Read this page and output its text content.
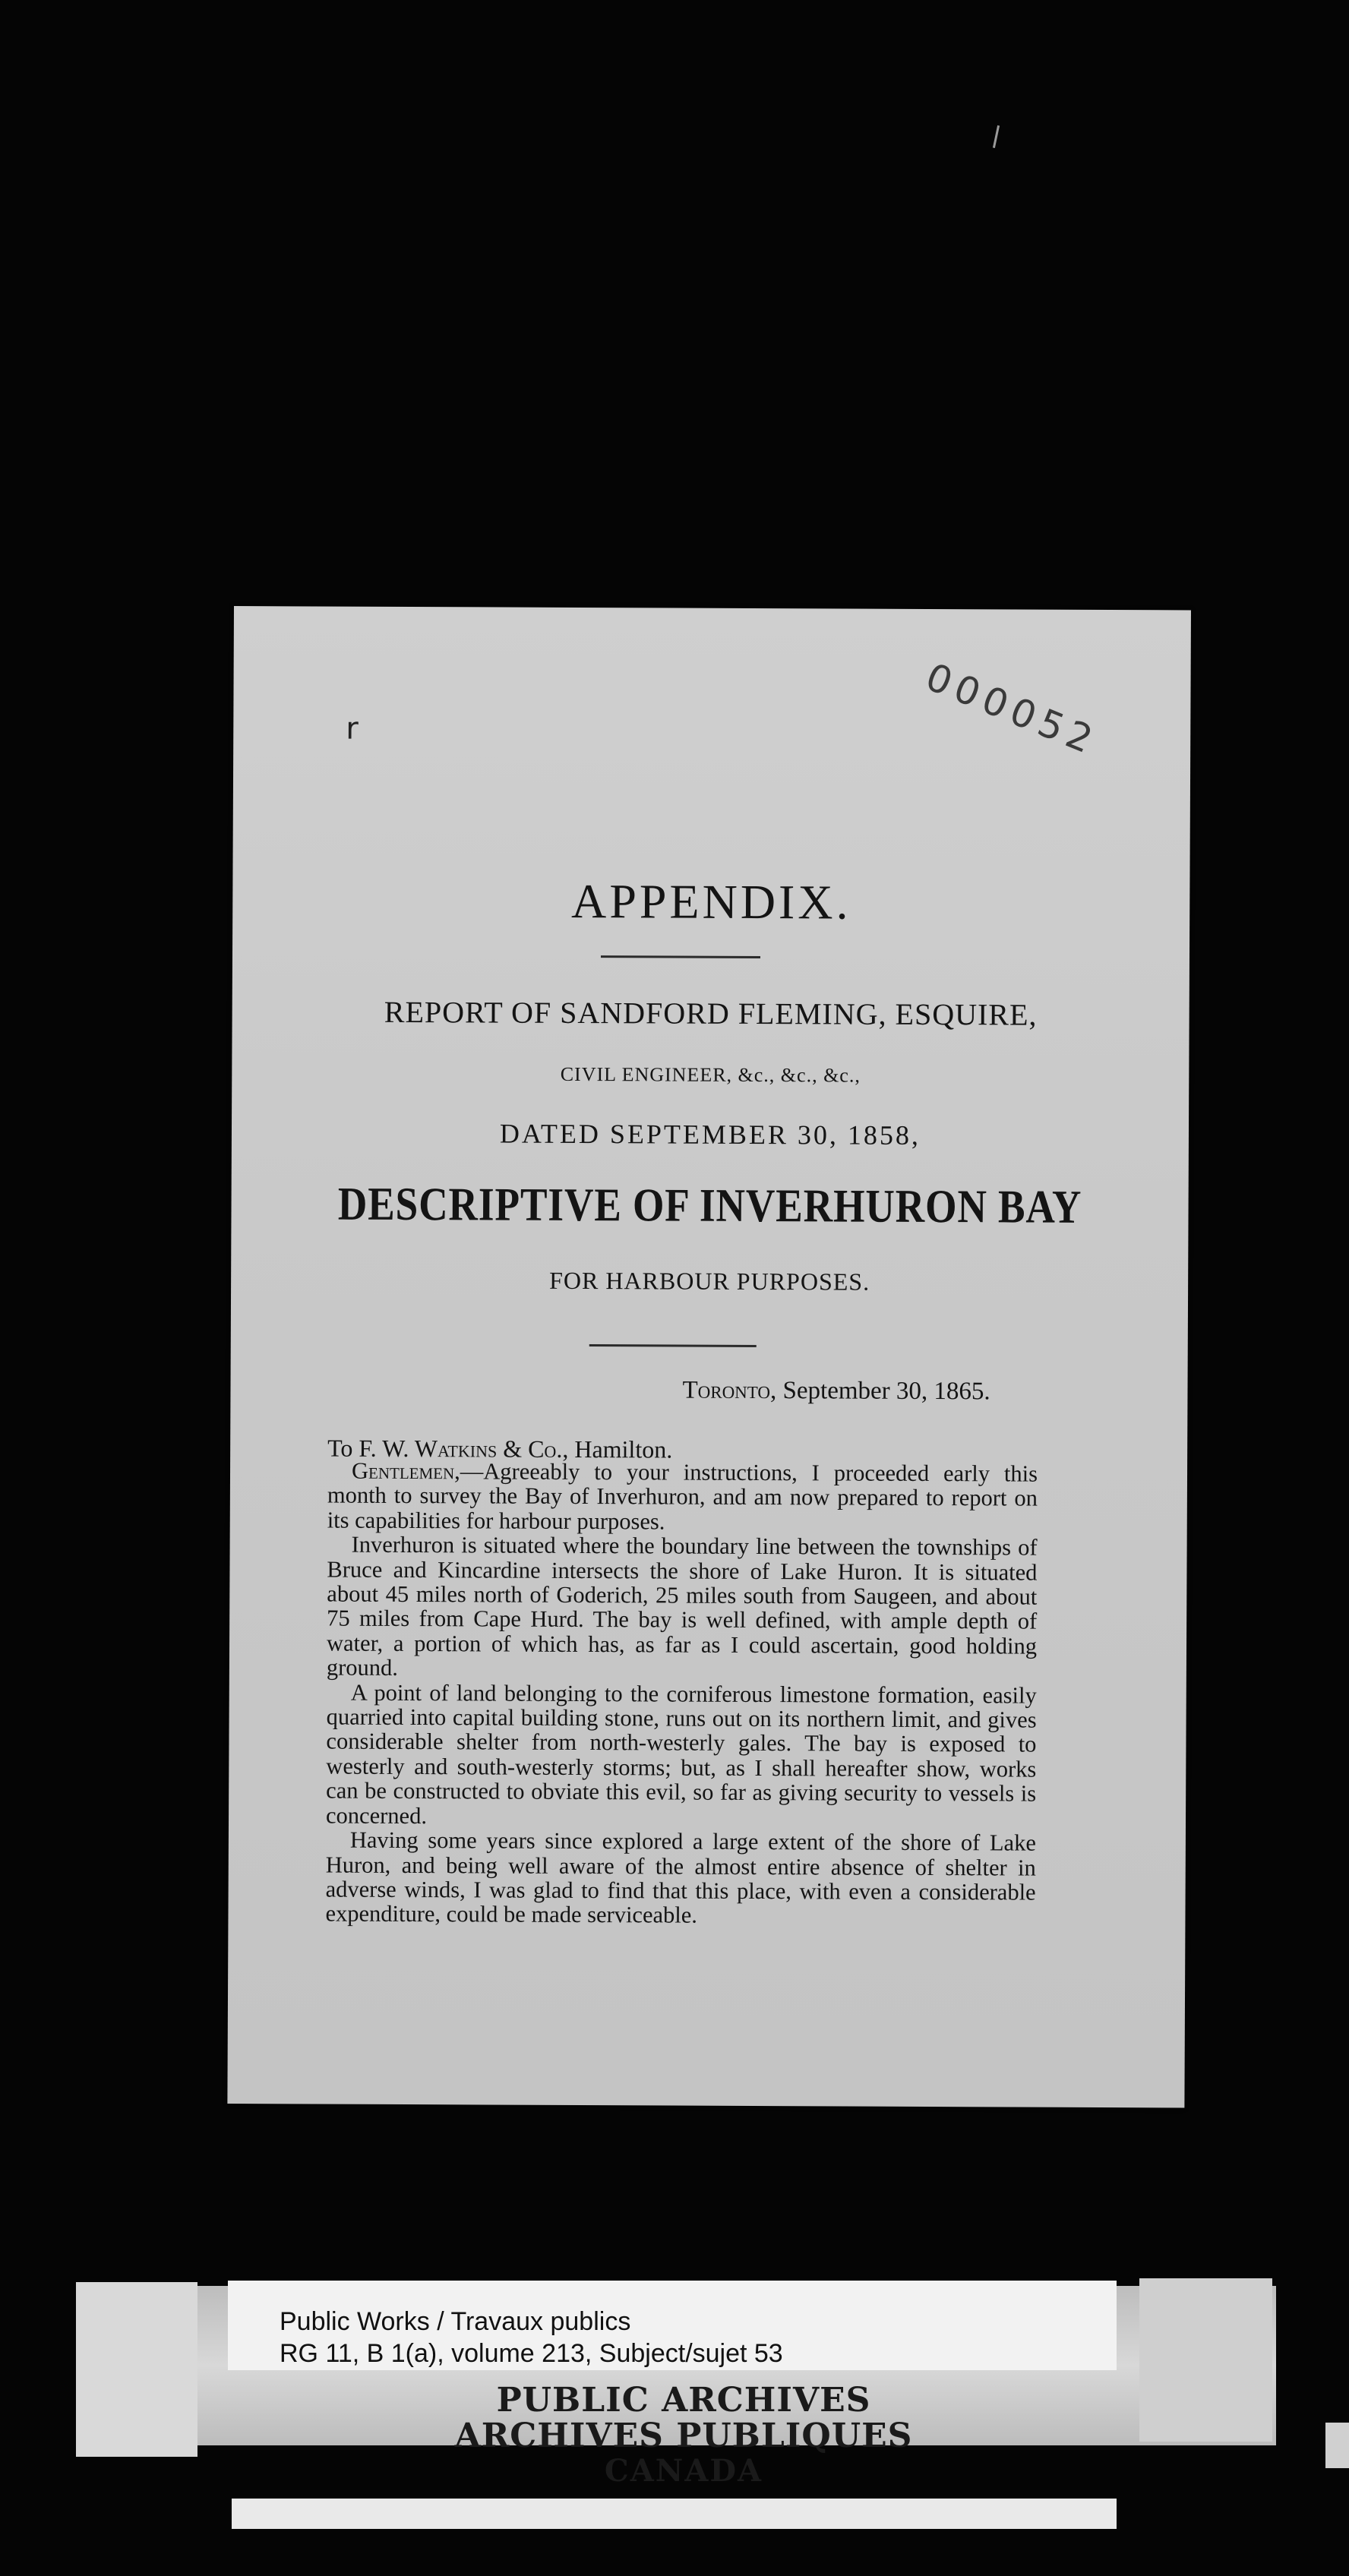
000052
r
APPENDIX.
REPORT OF SANDFORD FLEMING, ESQUIRE,
CIVIL ENGINEER, &c., &c., &c.,
DATED SEPTEMBER 30, 1858,
DESCRIPTIVE OF INVERHURON BAY
FOR HARBOUR PURPOSES.
Toronto, September 30, 1865.
To F. W. Watkins & Co., Hamilton.

Gentlemen,—Agreeably to your instructions, I proceeded early this month to survey the Bay of Inverhuron, and am now prepared to report on its capabilities for harbour purposes.

Inverhuron is situated where the boundary line between the townships of Bruce and Kincardine intersects the shore of Lake Huron. It is situated about 45 miles north of Goderich, 25 miles south from Saugeen, and about 75 miles from Cape Hurd. The bay is well defined, with ample depth of water, a portion of which has, as far as I could ascertain, good holding ground.

A point of land belonging to the corniferous limestone formation, easily quarried into capital building stone, runs out on its northern limit, and gives considerable shelter from north-westerly gales. The bay is exposed to westerly and south-westerly storms; but, as I shall hereafter show, works can be constructed to obviate this evil, so far as giving security to vessels is concerned.

Having some years since explored a large extent of the shore of Lake Huron, and being well aware of the almost entire absence of shelter in adverse winds, I was glad to find that this place, with even a considerable expenditure, could be made serviceable.

Public Works / Travaux publics
RG 11, B 1(a), volume 213, Subject/sujet 53
PUBLIC ARCHIVES
ARCHIVES PUBLIQUES
CANADA
